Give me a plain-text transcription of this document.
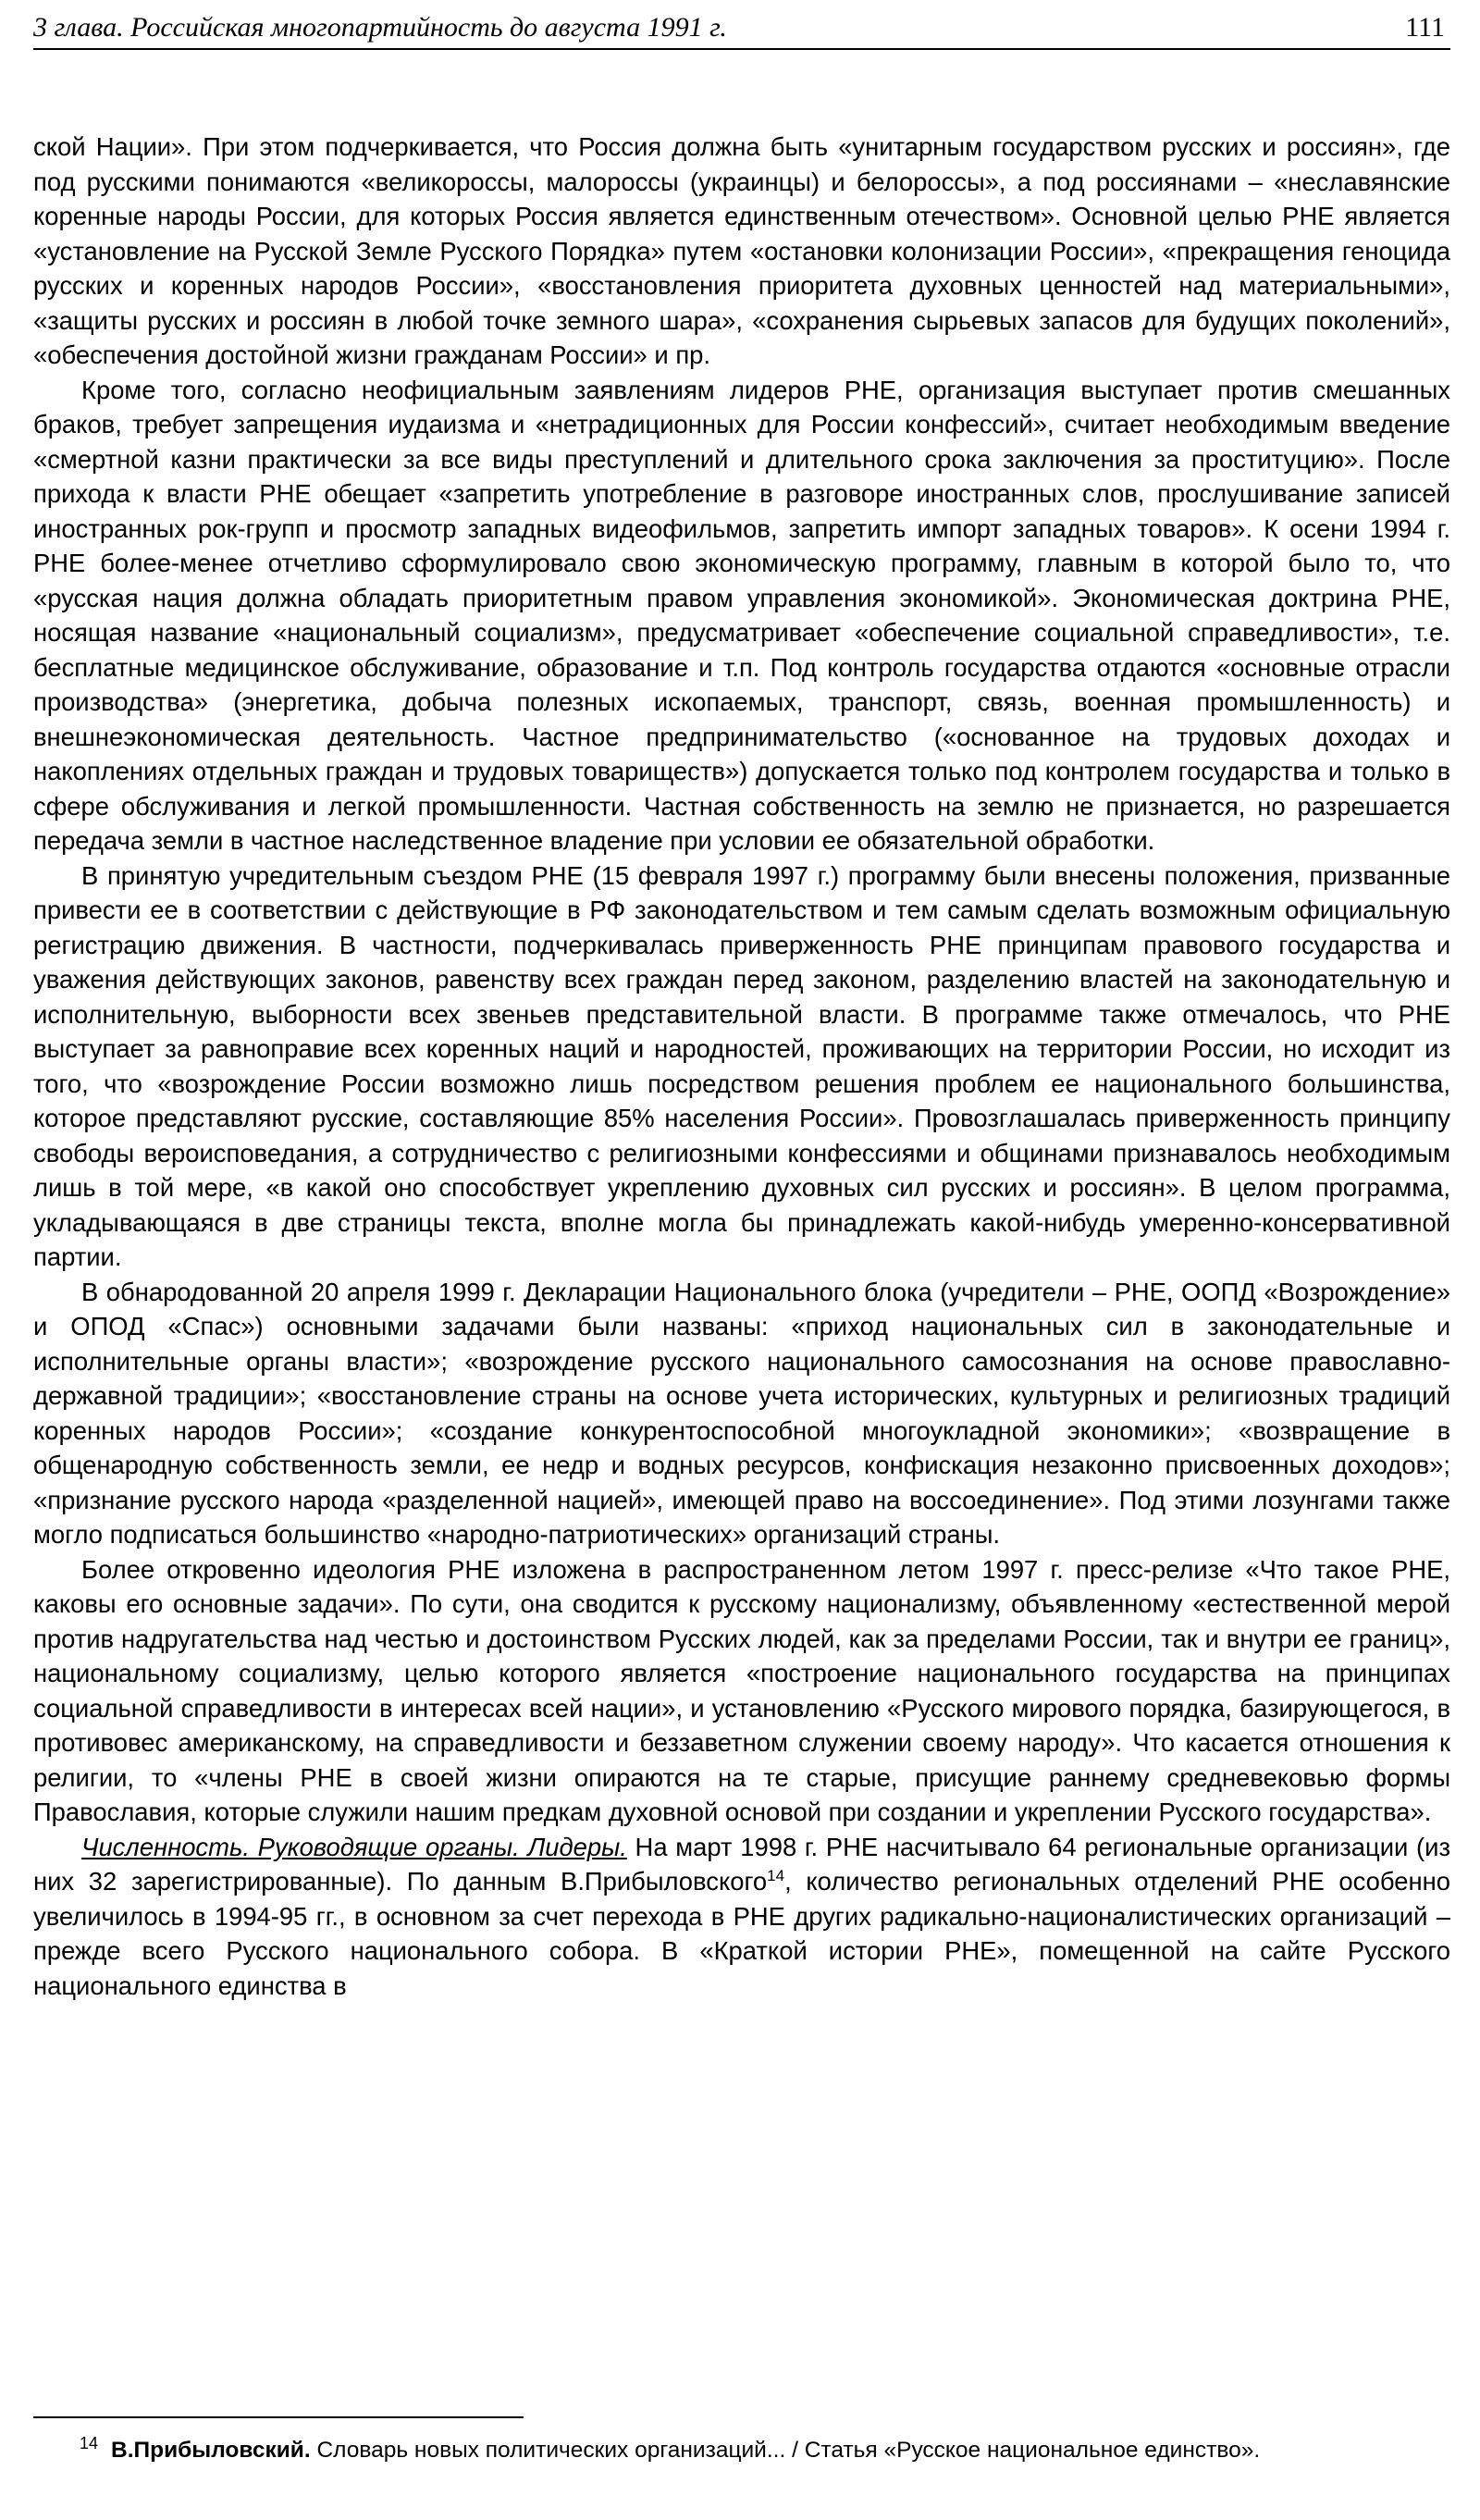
3 глава. Российская многопартийность до августа 1991 г.	111

ской Нации». При этом подчеркивается, что Россия должна быть «унитарным государством русских и россиян», где под русскими понимаются «великороссы, малороссы (украинцы) и белороссы», а под россиянами – «неславянские коренные народы России, для которых Россия является единственным отечеством». Основной целью РНЕ является «установление на Русской Земле Русского Порядка» путем «остановки колонизации России», «прекращения геноцида русских и коренных народов России», «восстановления приоритета духовных ценностей над материальными», «защиты русских и россиян в любой точке земного шара», «сохранения сырьевых запасов для будущих поколений», «обеспечения достойной жизни гражданам России» и пр.

Кроме того, согласно неофициальным заявлениям лидеров РНЕ, организация выступает против смешанных браков, требует запрещения иудаизма и «нетрадиционных для России конфессий», считает необходимым введение «смертной казни практически за все виды преступлений и длительного срока заключения за проституцию». После прихода к власти РНЕ обещает «запретить употребление в разговоре иностранных слов, прослушивание записей иностранных рок-групп и просмотр западных видеофильмов, запретить импорт западных товаров». К осени 1994 г. РНЕ более-менее отчетливо сформулировало свою экономическую программу, главным в которой было то, что «русская нация должна обладать приоритетным правом управления экономикой». Экономическая доктрина РНЕ, носящая название «национальный социализм», предусматривает «обеспечение социальной справедливости», т.е. бесплатные медицинское обслуживание, образование и т.п. Под контроль государства отдаются «основные отрасли производства» (энергетика, добыча полезных ископаемых, транспорт, связь, военная промышленность) и внешнеэкономическая деятельность. Частное предпринимательство («основанное на трудовых доходах и накоплениях отдельных граждан и трудовых товариществ») допускается только под контролем государства и только в сфере обслуживания и легкой промышленности. Частная собственность на землю не признается, но разрешается передача земли в частное наследственное владение при условии ее обязательной обработки.

В принятую учредительным съездом РНЕ (15 февраля 1997 г.) программу были внесены положения, призванные привести ее в соответствии с действующие в РФ законодательством и тем самым сделать возможным официальную регистрацию движения. В частности, подчеркивалась приверженность РНЕ принципам правового государства и уважения действующих законов, равенству всех граждан перед законом, разделению властей на законодательную и исполнительную, выборности всех звеньев представительной власти. В программе также отмечалось, что РНЕ выступает за равноправие всех коренных наций и народностей, проживающих на территории России, но исходит из того, что «возрождение России возможно лишь посредством решения проблем ее национального большинства, которое представляют русские, составляющие 85% населения России». Провозглашалась приверженность принципу свободы вероисповедания, а сотрудничество с религиозными конфессиями и общинами признавалось необходимым лишь в той мере, «в какой оно способствует укреплению духовных сил русских и россиян». В целом программа, укладывающаяся в две страницы текста, вполне могла бы принадлежать какой-нибудь умеренно-консервативной партии.

В обнародованной 20 апреля 1999 г. Декларации Национального блока (учредители – РНЕ, ООПД «Возрождение» и ОПОД «Спас») основными задачами были названы: «приход национальных сил в законодательные и исполнительные органы власти»; «возрождение русского национального самосознания на основе православно-державной традиции»; «восстановление страны на основе учета исторических, культурных и религиозных традиций коренных народов России»; «создание конкурентоспособной многоукладной экономики»; «возвращение в общенародную собственность земли, ее недр и водных ресурсов, конфискация незаконно присвоенных доходов»; «признание русского народа «разделенной нацией», имеющей право на воссоединение». Под этими лозунгами также могло подписаться большинство «народно-патриотических» организаций страны.

Более откровенно идеология РНЕ изложена в распространенном летом 1997 г. пресс-релизе «Что такое РНЕ, каковы его основные задачи». По сути, она сводится к русскому национализму, объявленному «естественной мерой против надругательства над честью и достоинством Русских людей, как за пределами России, так и внутри ее границ», национальному социализму, целью которого является «построение национального государства на принципах социальной справедливости в интересах всей нации», и установлению «Русского мирового порядка, базирующегося, в противовес американскому, на справедливости и беззаветном служении своему народу». Что касается отношения к религии, то «члены РНЕ в своей жизни опираются на те старые, присущие раннему средневековью формы Православия, которые служили нашим предкам духовной основой при создании и укреплении Русского государства».

Численность. Руководящие органы. Лидеры. На март 1998 г. РНЕ насчитывало 64 региональные организации (из них 32 зарегистрированные). По данным В.Прибыловского$^{14}$, количество региональных отделений РНЕ особенно увеличилось в 1994-95 гг., в основном за счет перехода в РНЕ других радикально-националистических организаций – прежде всего Русского национального собора. В «Краткой истории РНЕ», помещенной на сайте Русского национального единства в

$^{14}$ В.Прибыловский. Словарь новых политических организаций... / Статья «Русское национальное единство».
